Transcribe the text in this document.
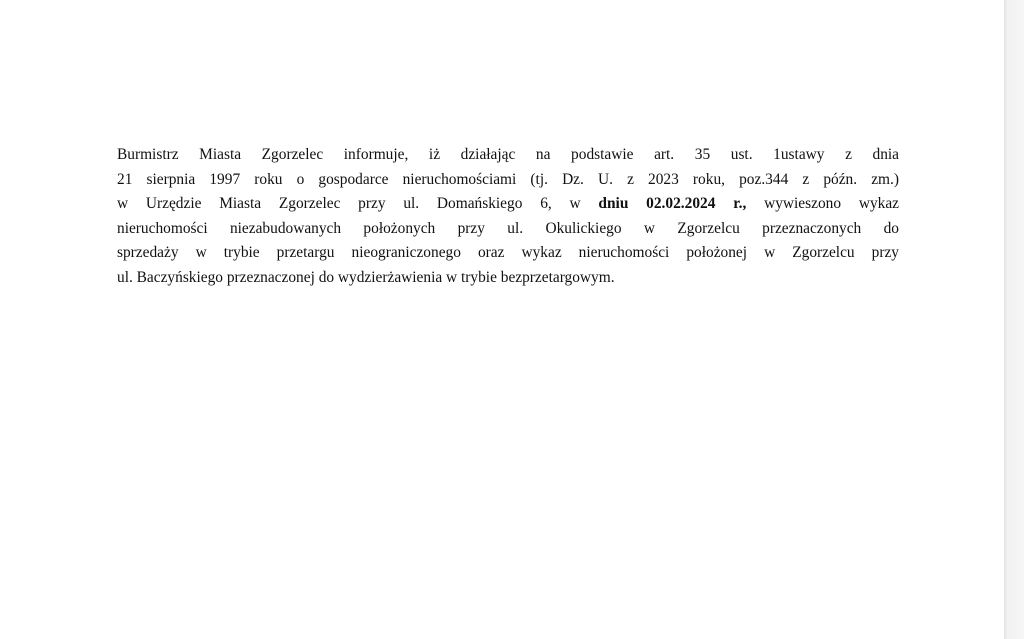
Burmistrz Miasta Zgorzelec informuje, iż działając na podstawie art. 35 ust. 1ustawy z dnia
21 sierpnia 1997 roku o gospodarce nieruchomościami (tj. Dz. U. z 2023 roku, poz.344 z późn. zm.)
w Urzędzie Miasta Zgorzelec przy ul. Domańskiego 6, w dniu 02.02.2024 r., wywieszono wykaz
nieruchomości niezabudowanych położonych przy ul. Okulickiego w Zgorzelcu przeznaczonych do
sprzedaży w trybie przetargu nieograniczonego oraz wykaz nieruchomości położonej w Zgorzelcu przy
ul. Baczyńskiego przeznaczonej do wydzierżawienia w trybie bezprzetargowym.
